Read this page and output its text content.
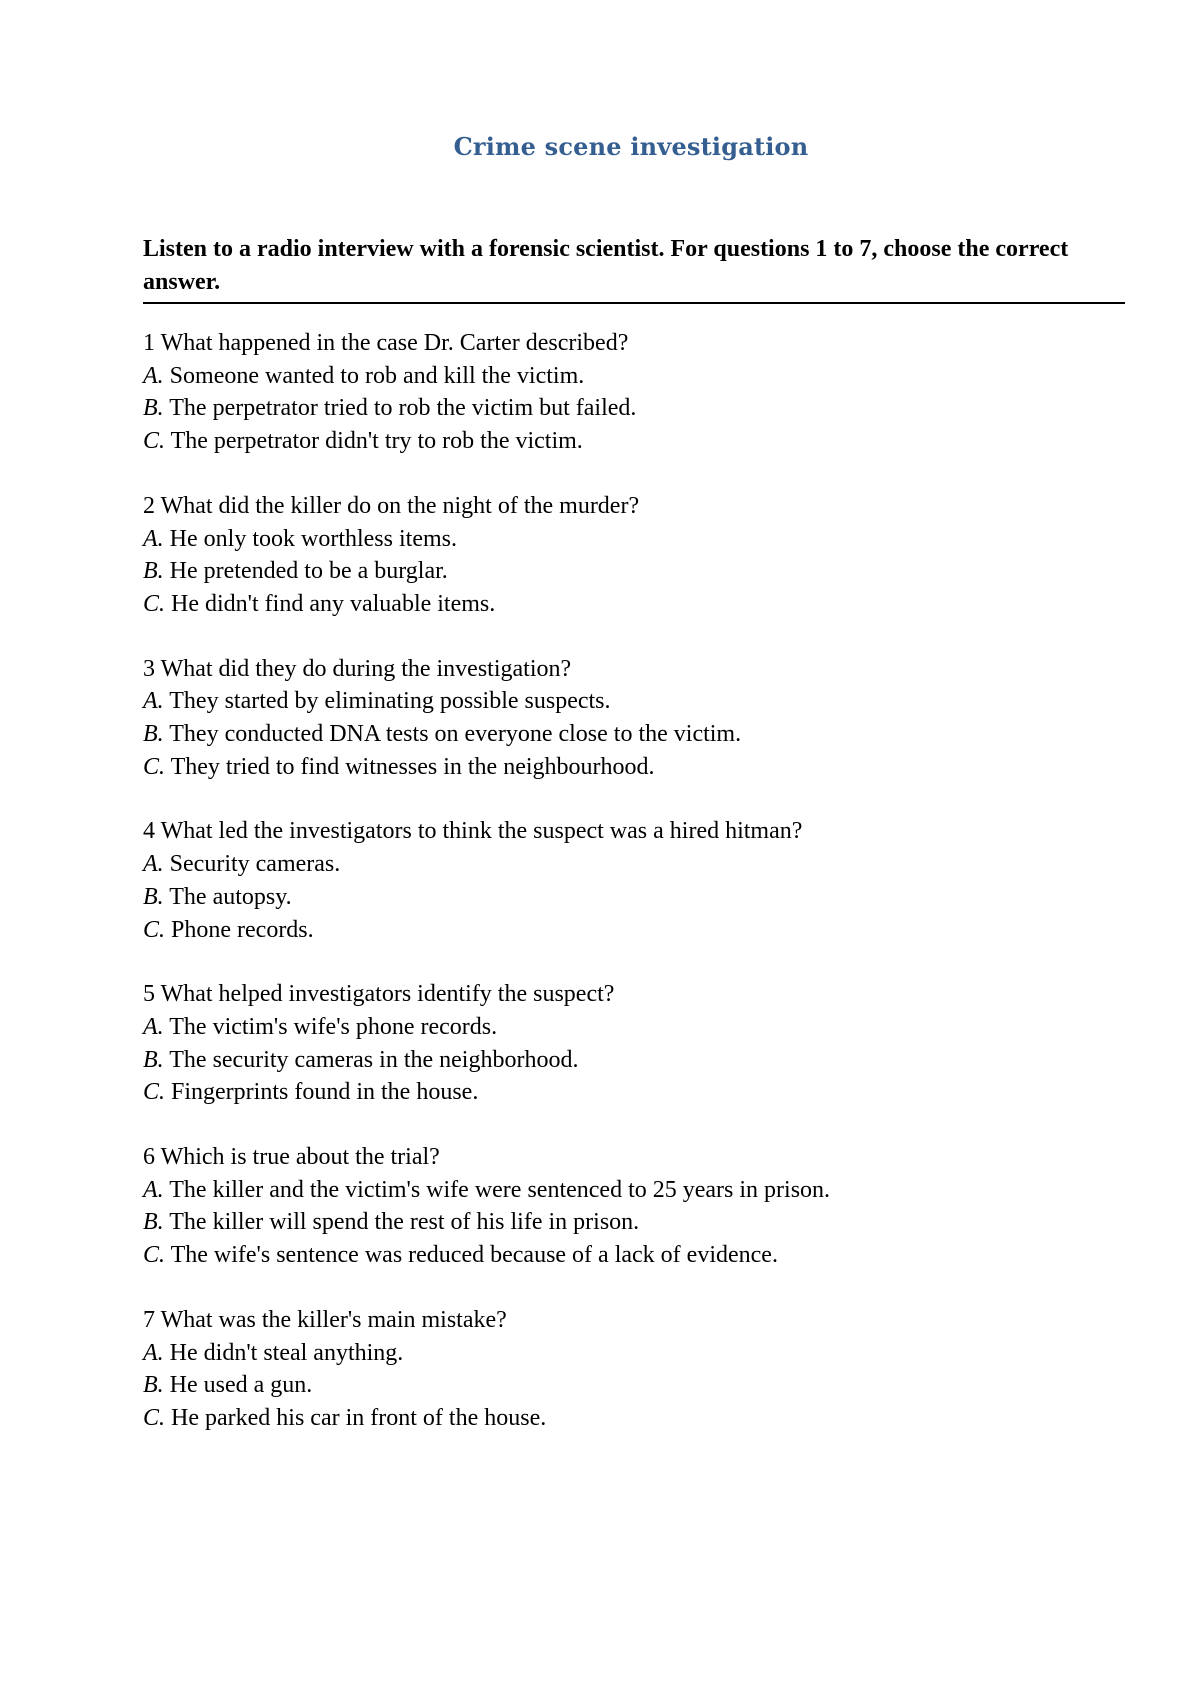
Crime scene investigation
Listen to a radio interview with a forensic scientist. For questions 1 to 7, choose the correct answer.
1 What happened in the case Dr. Carter described?
A. Someone wanted to rob and kill the victim.
B. The perpetrator tried to rob the victim but failed.
C. The perpetrator didn't try to rob the victim.
2 What did the killer do on the night of the murder?
A. He only took worthless items.
B. He pretended to be a burglar.
C. He didn't find any valuable items.
3 What did they do during the investigation?
A. They started by eliminating possible suspects.
B. They conducted DNA tests on everyone close to the victim.
C. They tried to find witnesses in the neighbourhood.
4 What led the investigators to think the suspect was a hired hitman?
A. Security cameras.
B. The autopsy.
C. Phone records.
5 What helped investigators identify the suspect?
A. The victim's wife's phone records.
B. The security cameras in the neighborhood.
C. Fingerprints found in the house.
6 Which is true about the trial?
A. The killer and the victim's wife were sentenced to 25 years in prison.
B. The killer will spend the rest of his life in prison.
C. The wife's sentence was reduced because of a lack of evidence.
7 What was the killer's main mistake?
A. He didn't steal anything.
B. He used a gun.
C. He parked his car in front of the house.
